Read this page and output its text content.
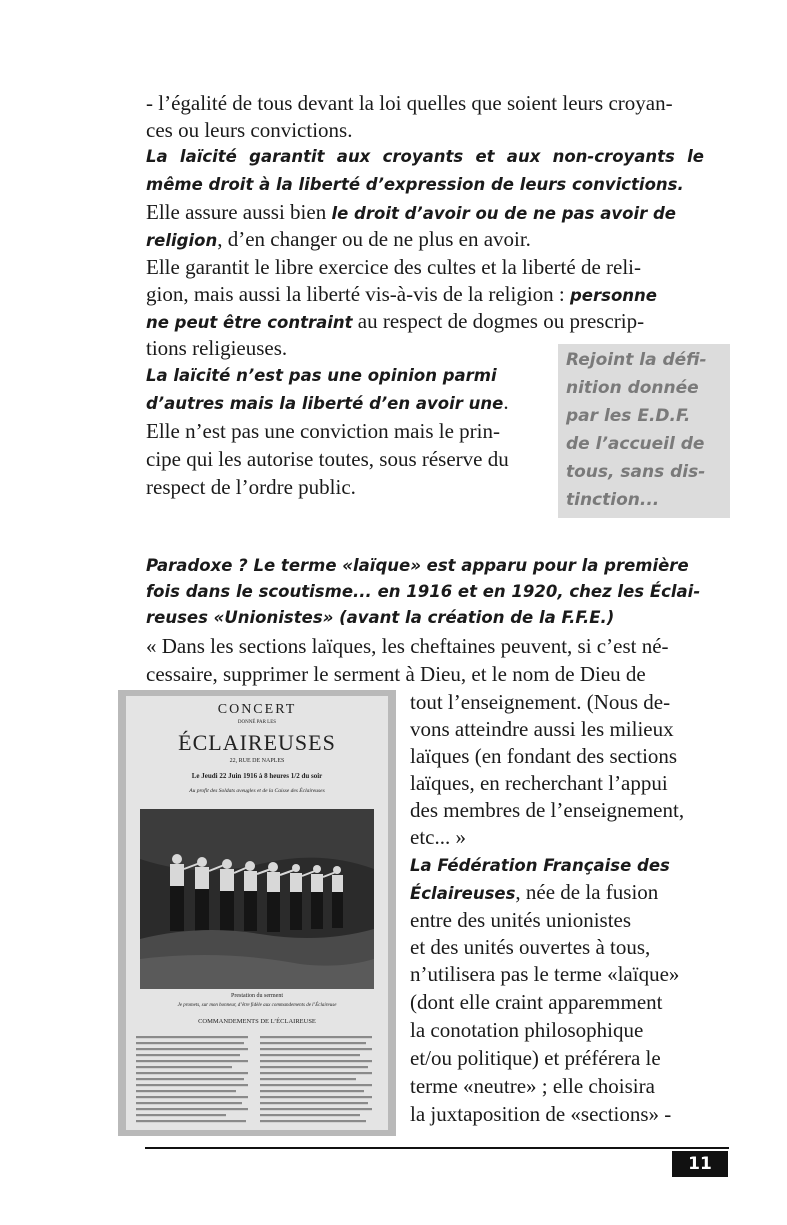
- l’égalité de tous devant la loi quelles que soient leurs croyan-
ces ou leurs convictions.
La laïcité garantit aux croyants et aux non-croyants le
même droit à la liberté d’expression de leurs convictions.
Elle assure aussi bien le droit d’avoir ou de ne pas avoir de
religion, d’en changer ou de ne plus en avoir.
Elle garantit le libre exercice des cultes et la liberté de reli-
gion, mais aussi la liberté vis-à-vis de la religion : personne
ne peut être contraint au respect de dogmes ou prescrip-
tions religieuses.
La laïcité n’est pas une opinion parmi
d’autres mais la liberté d’en avoir une.
Elle n’est pas une conviction mais le prin-
cipe qui les autorise toutes, sous réserve du
respect de l’ordre public.
Rejoint la défi-
nition donnée
par les E.D.F.
de l’accueil de
tous, sans dis-
tinction...
Paradoxe ? Le terme «laïque» est apparu pour la première
fois dans le scoutisme... en 1916 et en 1920, chez les Éclai-
reuses «Unionistes» (avant la création de la F.F.E.)
« Dans les sections laïques, les cheftaines peuvent, si c’est né-
cessaire, supprimer le serment à Dieu, et le nom de Dieu de
tout l’enseignement. (Nous de-
vons atteindre aussi les milieux
laïques (en fondant des sections
laïques, en recherchant l’appui
des membres de l’enseignement,
etc... »
La Fédération Française des
Éclaireuses, née de la fusion
entre des unités unionistes
et des unités ouvertes à tous,
n’utilisera pas le terme «laïque»
(dont elle craint apparemment
la conotation philosophique
et/ou politique) et préférera le
terme «neutre» ; elle choisira
la juxtaposition de «sections» -
CONCERT
DONNÉ PAR LES
ÉCLAIREUSES
22, RUE DE NAPLES
Le Jeudi 22 Juin 1916 à 8 heures 1/2 du soir
Au profit des Soldats aveugles et de la Caisse des Éclaireuses
Prestation du serment
Je promets, sur mon honneur, d’être fidèle aux commandements de l’Éclaireuse
COMMANDEMENTS DE L’ÉCLAIREUSE
11
